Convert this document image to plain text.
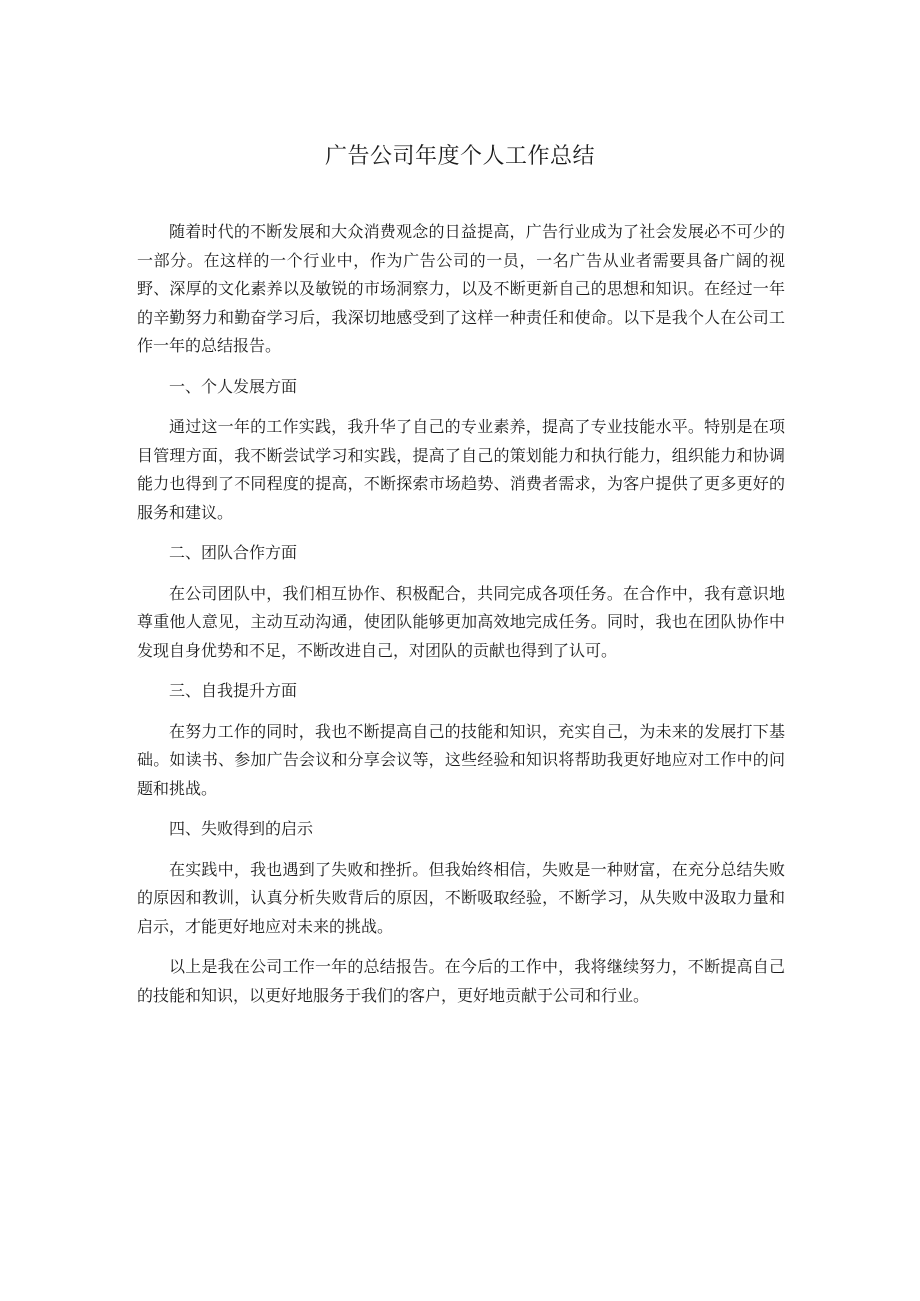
广告公司年度个人工作总结

随着时代的不断发展和大众消费观念的日益提高，广告行业成为了社会发展必不可少的一部分。在这样的一个行业中，作为广告公司的一员，一名广告从业者需要具备广阔的视野、深厚的文化素养以及敏锐的市场洞察力，以及不断更新自己的思想和知识。在经过一年的辛勤努力和勤奋学习后，我深切地感受到了这样一种责任和使命。以下是我个人在公司工作一年的总结报告。

一、个人发展方面

通过这一年的工作实践，我升华了自己的专业素养，提高了专业技能水平。特别是在项目管理方面，我不断尝试学习和实践，提高了自己的策划能力和执行能力，组织能力和协调能力也得到了不同程度的提高，不断探索市场趋势、消费者需求，为客户提供了更多更好的服务和建议。

二、团队合作方面

在公司团队中，我们相互协作、积极配合，共同完成各项任务。在合作中，我有意识地尊重他人意见，主动互动沟通，使团队能够更加高效地完成任务。同时，我也在团队协作中发现自身优势和不足，不断改进自己，对团队的贡献也得到了认可。

三、自我提升方面

在努力工作的同时，我也不断提高自己的技能和知识，充实自己，为未来的发展打下基础。如读书、参加广告会议和分享会议等，这些经验和知识将帮助我更好地应对工作中的问题和挑战。

四、失败得到的启示

在实践中，我也遇到了失败和挫折。但我始终相信，失败是一种财富，在充分总结失败的原因和教训，认真分析失败背后的原因，不断吸取经验，不断学习，从失败中汲取力量和启示，才能更好地应对未来的挑战。

以上是我在公司工作一年的总结报告。在今后的工作中，我将继续努力，不断提高自己的技能和知识，以更好地服务于我们的客户，更好地贡献于公司和行业。
